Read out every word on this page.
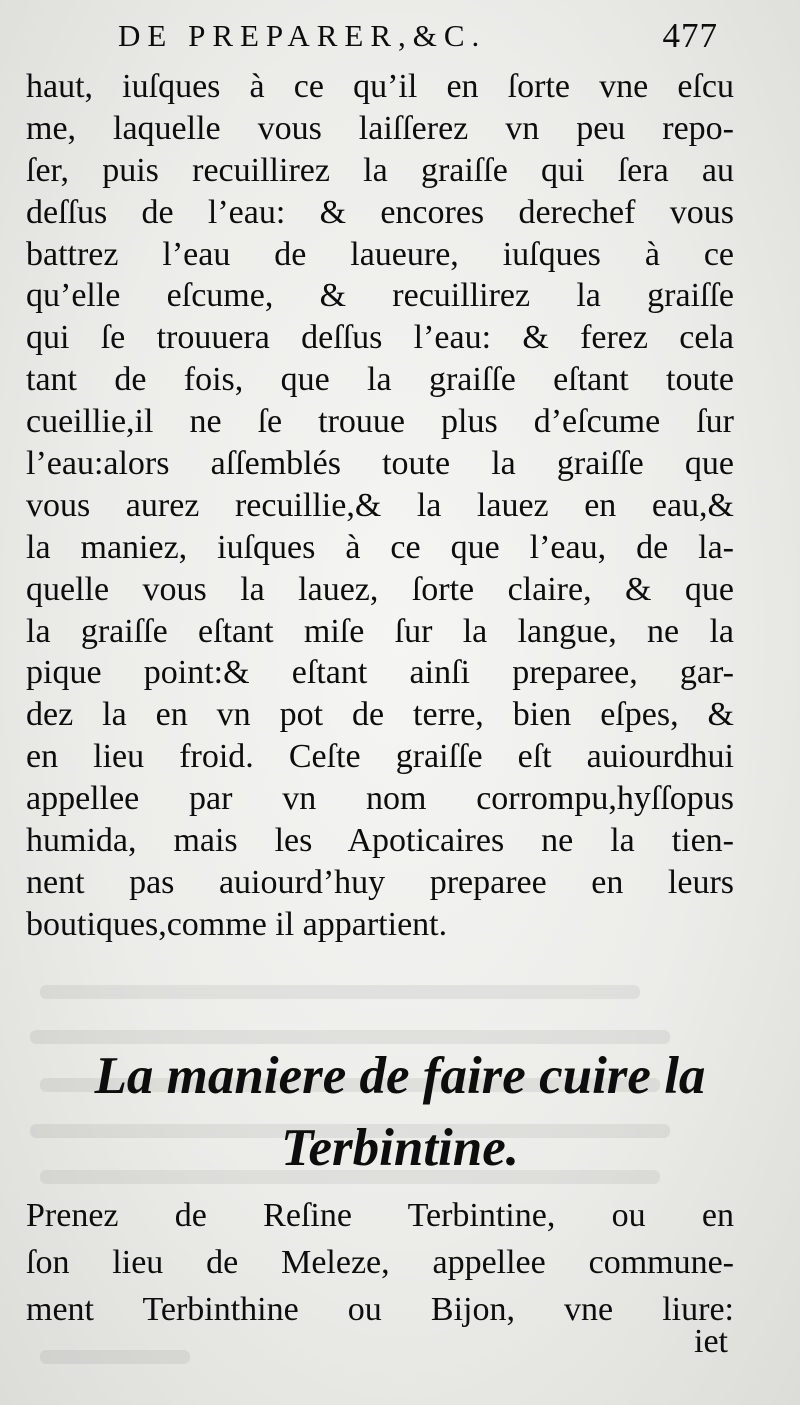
DE PREPARER,&C.	477
haut, iuſques à ce qu’il en ſorte vne eſcu
me, laquelle vous laiſſerez vn peu repo-
ſer, puis recuillirez la graiſſe qui ſera au
deſſus de l’eau: & encores derechef vous
battrez l’eau de laueure, iuſques à ce
qu’elle eſcume, & recuillirez la graiſſe
qui ſe trouuera deſſus l’eau: & ferez cela
tant de fois, que la graiſſe eſtant toute
cueillie,il ne ſe trouue plus d’eſcume ſur
l’eau:alors aſſemblés toute la graiſſe que
vous aurez recuillie,& la lauez en eau,&
la maniez, iuſques à ce que l’eau, de la-
quelle vous la lauez, ſorte claire, & que
la graiſſe eſtant miſe ſur la langue, ne la
pique point:& eſtant ainſi preparee, gar-
dez la en vn pot de terre, bien eſpes, &
en lieu froid. Ceſte graiſſe eſt auiourdhui
appellee par vn nom corrompu,hyſſopus
humida, mais les Apoticaires ne la tien-
nent pas auiourd’huy preparee en leurs
boutiques,comme il appartient.
La maniere de faire cuire la
Terbintine.
Prenez de Reſine Terbintine, ou en
ſon lieu de Meleze, appellee commune-
ment Terbinthine ou Bijon, vne liure:
iet
